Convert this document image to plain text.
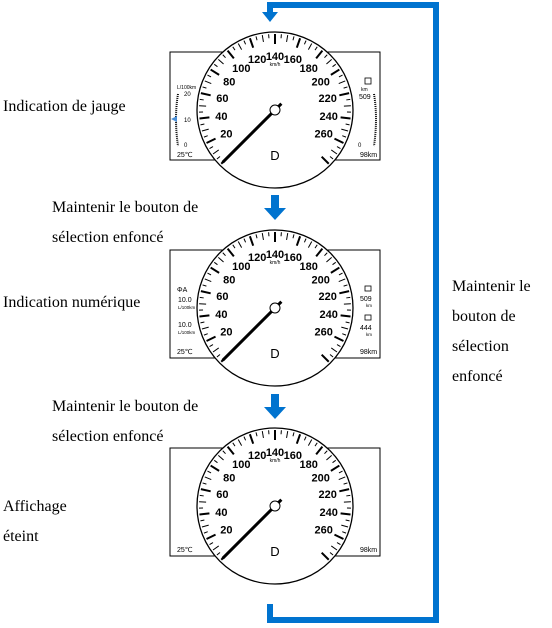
20
40
60
80
100
120 140 160
180
200
220
240
260
km/h
D
L/100km
20
10
0
km
509
0
25℃	98km
20
40
60
80
100
120 140 160
180
200
220
240
260
km/h
D
ΦA
10.0
L/100km
10.0
L/100km
509
km
444
km
25℃	98km
20
40
60
80
100
120 140 160
180
200
220
240
260
km/h
D
25℃	98km

Indication de jauge

Maintenir le bouton de

sélection enfoncé

Indication numérique

Maintenir le bouton de

sélection enfoncé

Affichage

éteint

Maintenir le

bouton de

sélection

enfoncé
